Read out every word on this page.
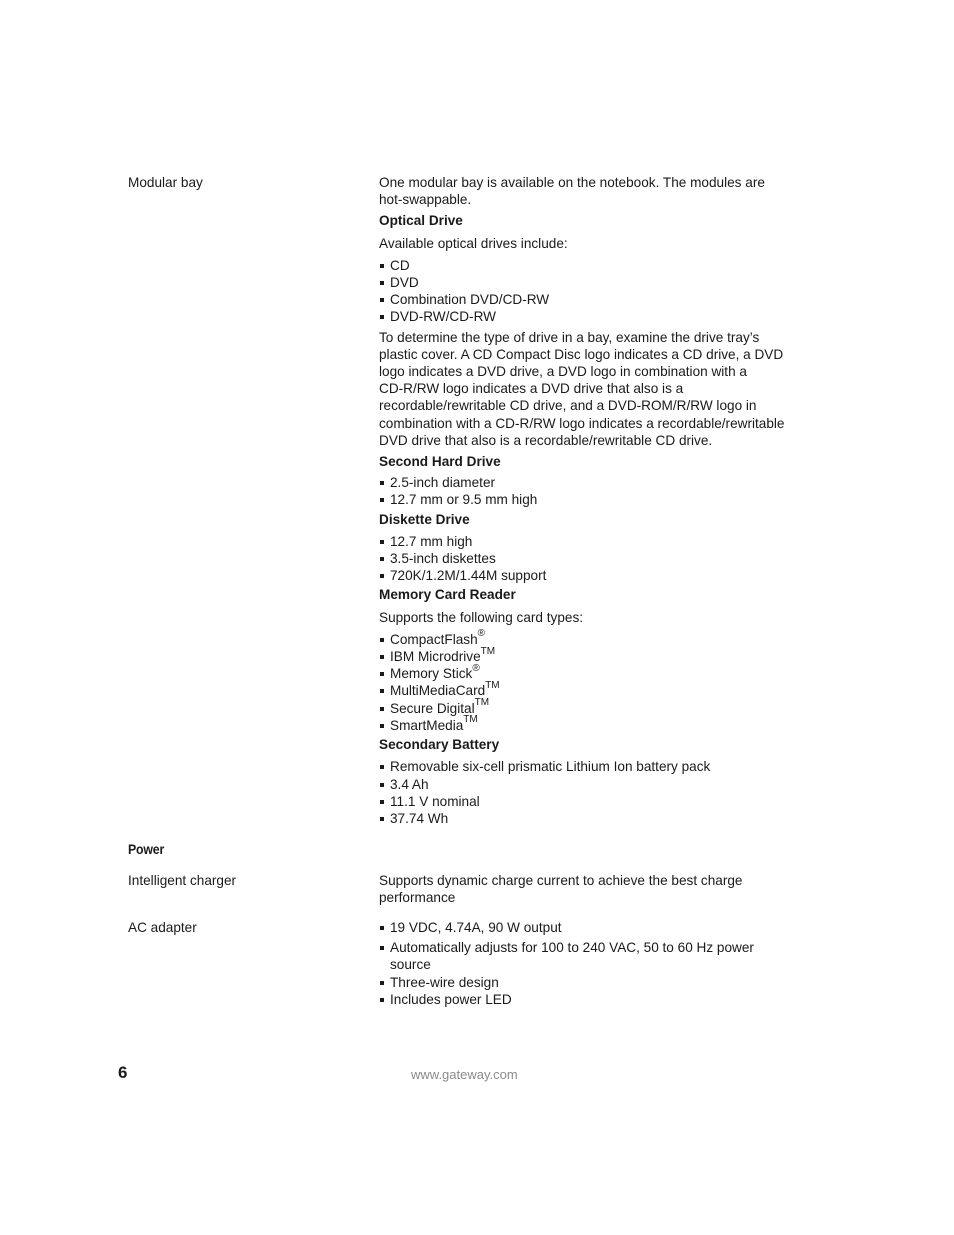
Modular bay	One modular bay is available on the notebook. The modules are

hot-swappable.

Optical Drive

Available optical drives include:

CD
DVD
Combination DVD/CD-RW
DVD-RW/CD-RW

To determine the type of drive in a bay, examine the drive tray’s

plastic cover. A CD Compact Disc logo indicates a CD drive, a DVD

logo indicates a DVD drive, a DVD logo in combination with a

CD-R/RW logo indicates a DVD drive that also is a

recordable/rewritable CD drive, and a DVD-ROM/R/RW logo in

combination with a CD-R/RW logo indicates a recordable/rewritable

DVD drive that also is a recordable/rewritable CD drive.

Second Hard Drive

2.5-inch diameter
12.7 mm or 9.5 mm high

Diskette Drive

12.7 mm high
3.5-inch diskettes
720K/1.2M/1.44M support

Memory Card Reader

Supports the following card types:

CompactFlash®
IBM Microdrive™
Memory Stick®
MultiMediaCard™
Secure Digital™
SmartMedia™

Secondary Battery

Removable six-cell prismatic Lithium Ion battery pack
3.4 Ah
11.1 V nominal
37.74 Wh
Power
Intelligent charger	Supports dynamic charge current to achieve the best charge

performance

AC adapter	19 VDC, 4.74A, 90 W output
Automatically adjusts for 100 to 240 VAC, 50 to 60 Hz power
source
Three-wire design
Includes power LED
6	www.gateway.com
